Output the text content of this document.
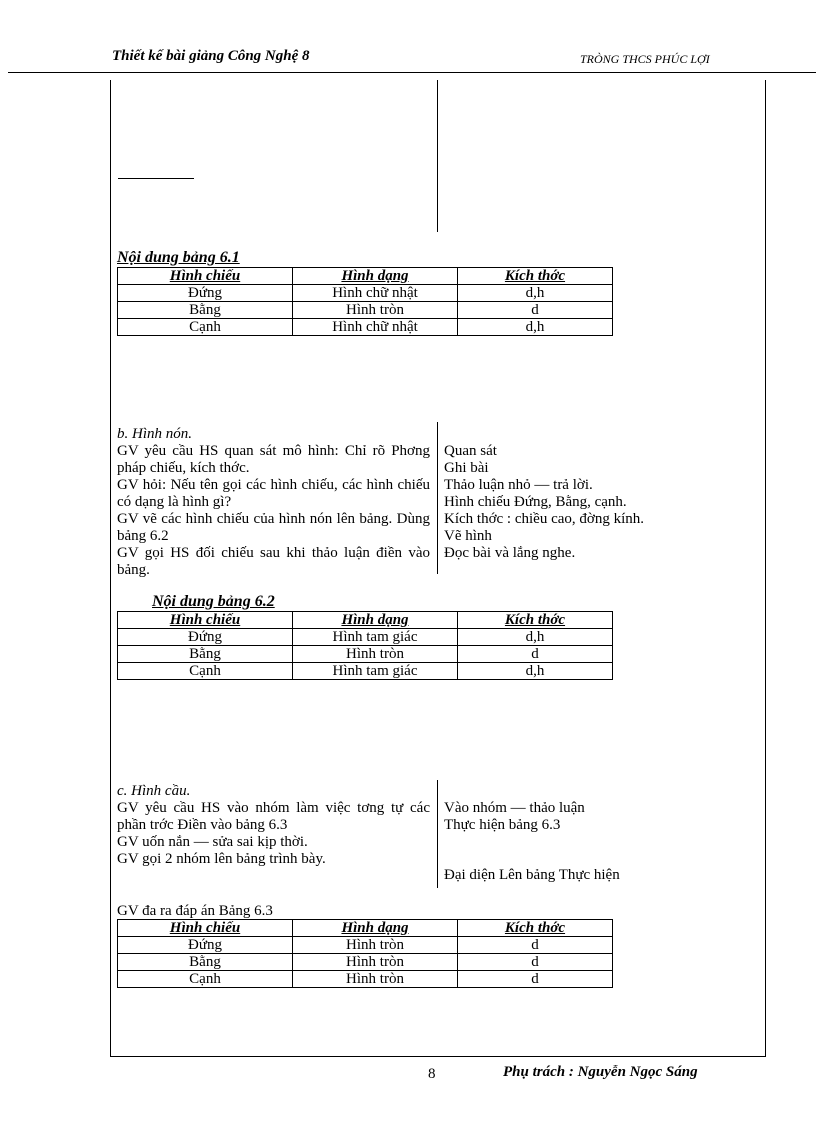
Thiết kế bài giảng Công Nghệ 8	TRÒNG THCS PHÚC LỢI
Nội dung bảng 6.1
Hình chiếu	Hình dạng	Kích thớc
Đứng	Hình chữ nhật	d,h
Bằng	Hình tròn	d
Cạnh	Hình chữ nhật	d,h
b. Hình nón.
GV yêu cầu HS quan sát mô hình: Chỉ rõ Phơng pháp chiếu, kích thớc.
GV hỏi: Nếu tên gọi các hình chiếu, các hình chiếu có dạng là hình gì?
GV vẽ các hình chiếu của hình nón lên bảng. Dùng bảng 6.2
GV gọi HS đối chiếu sau khi thảo luận điền vào bảng.
Quan sát
Ghi bài
Thảo luận nhỏ — trả lời.
Hình chiếu Đứng, Bằng, cạnh.
Kích thớc : chiều cao, đờng kính.
Vẽ hình
Đọc bài và lắng nghe.
Nội dung bảng 6.2
Hình chiếu	Hình dạng	Kích thớc
Đứng	Hình tam giác	d,h
Bằng	Hình tròn	d
Cạnh	Hình tam giác	d,h
c. Hình cầu.
GV yêu cầu HS vào nhóm làm việc tơng tự các phần trớc Điền vào bảng 6.3
GV uốn nắn — sửa sai kịp thời.
GV gọi 2 nhóm lên bảng trình bày.
Vào nhóm — thảo luận
Thực hiện bảng 6.3
Đại diện Lên bảng Thực hiện
GV đa ra đáp án Bảng 6.3
Hình chiếu	Hình dạng	Kích thớc
Đứng	Hình tròn	d
Bằng	Hình tròn	d
Cạnh	Hình tròn	d
8	Phụ trách : Nguyễn Ngọc Sáng
